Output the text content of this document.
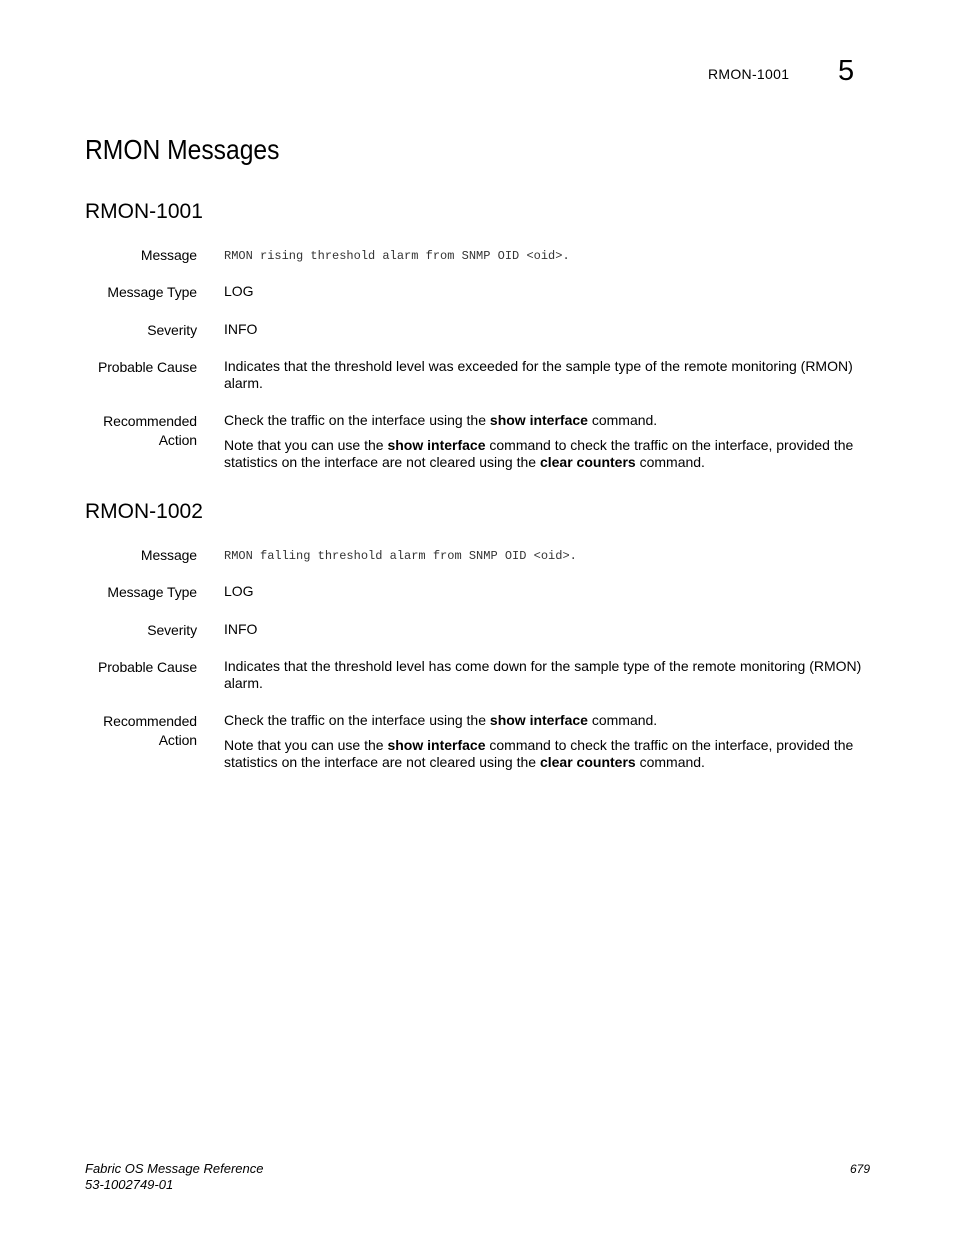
RMON-1001 5
RMON Messages
RMON-1001
Message RMON rising threshold alarm from SNMP OID <oid>.
Message Type LOG
Severity INFO
Probable Cause Indicates that the threshold level was exceeded for the sample type of the remote monitoring (RMON) alarm.
Recommended
Action

Check the traffic on the interface using the show interface command.

Note that you can use the show interface command to check the traffic on the interface, provided the statistics on the interface are not cleared using the clear counters command.

RMON-1002
Message RMON falling threshold alarm from SNMP OID <oid>.
Message Type LOG
Severity INFO
Probable Cause Indicates that the threshold level has come down for the sample type of the remote monitoring (RMON) alarm.
Recommended
Action

Check the traffic on the interface using the show interface command.

Note that you can use the show interface command to check the traffic on the interface, provided the statistics on the interface are not cleared using the clear counters command.

Fabric OS Message Reference
53-1002749-01
679
